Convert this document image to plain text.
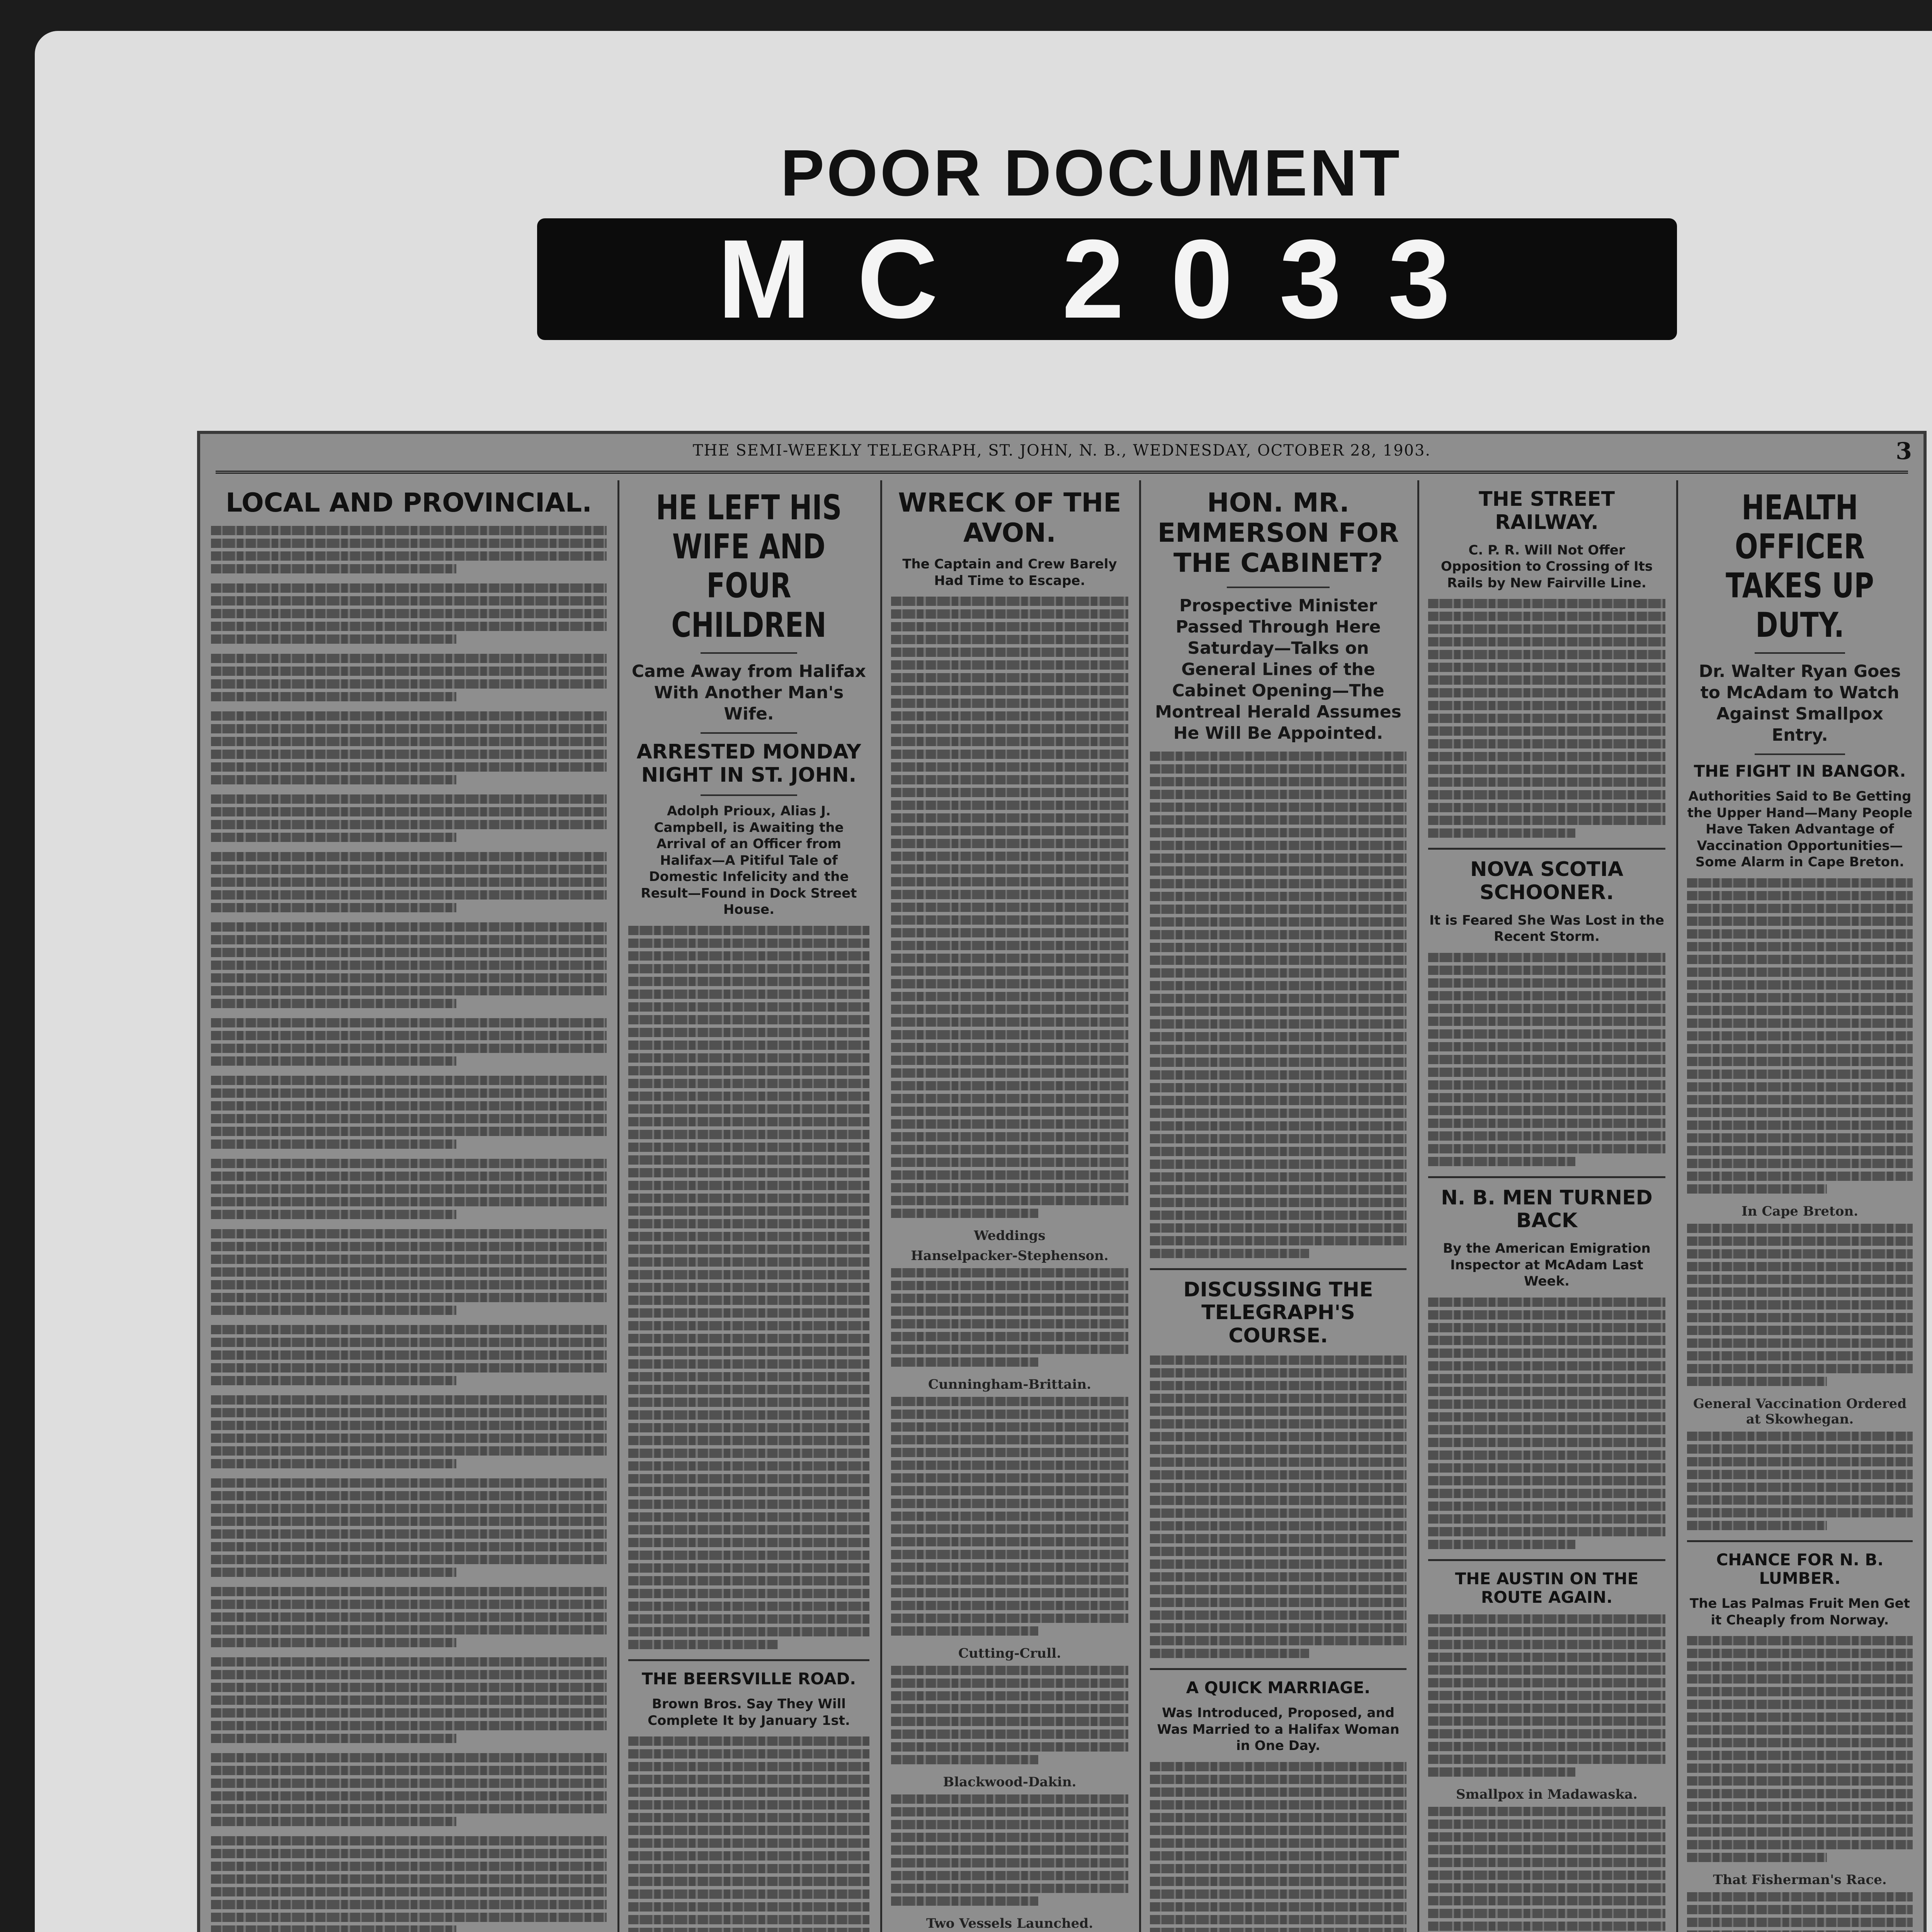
POOR DOCUMENT
MC 2033
THE SEMI-WEEKLY TELEGRAPH, ST. JOHN, N. B., WEDNESDAY, OCTOBER 28, 1903.	3
LOCAL AND PROVINCIAL.	HE LEFT HIS WIFE AND FOUR CHILDREN
Came Away from Halifax With Another Man's Wife.
ARRESTED MONDAY NIGHT IN ST. JOHN.
Adolph Prioux, Alias J. Campbell, is Awaiting the Arrival of an Officer from Halifax—A Pitiful Tale of Domestic Infelicity and the Result—Found in Dock Street House.
THE BEERSVILLE ROAD.
Brown Bros. Say They Will Complete It by January 1st.
WRECK OF THE AVON.
The Captain and Crew Barely Had Time to Escape.
Weddings
Hanselpacker-Stephenson.
Cunningham-Brittain.
Cutting-Crull.
Blackwood-Dakin.
Two Vessels Launched.
HON. MR. EMMERSON FOR THE CABINET?
Prospective Minister Passed Through Here Saturday—Talks on General Lines of the Cabinet Opening—The Montreal Herald Assumes He Will Be Appointed.
DISCUSSING THE TELEGRAPH'S COURSE.
A QUICK MARRIAGE.
Was Introduced, Proposed, and Was Married to a Halifax Woman in One Day.
THE STREET RAILWAY.
C. P. R. Will Not Offer Opposition to Crossing of Its Rails by New Fairville Line.
NOVA SCOTIA SCHOONER.
It is Feared She Was Lost in the Recent Storm.
N. B. MEN TURNED BACK
By the American Emigration Inspector at McAdam Last Week.
THE AUSTIN ON THE ROUTE AGAIN.
Smallpox in Madawaska.
HEALTH OFFICER TAKES UP DUTY.
Dr. Walter Ryan Goes to McAdam to Watch Against Smallpox Entry.
THE FIGHT IN BANGOR.
Authorities Said to Be Getting the Upper Hand—Many People Have Taken Advantage of Vaccination Opportunities—Some Alarm in Cape Breton.
In Cape Breton.
General Vaccination Ordered at Skowhegan.
CHANCE FOR N. B. LUMBER.
The Las Palmas Fruit Men Get it Cheaply from Norway.
That Fisherman's Race.
